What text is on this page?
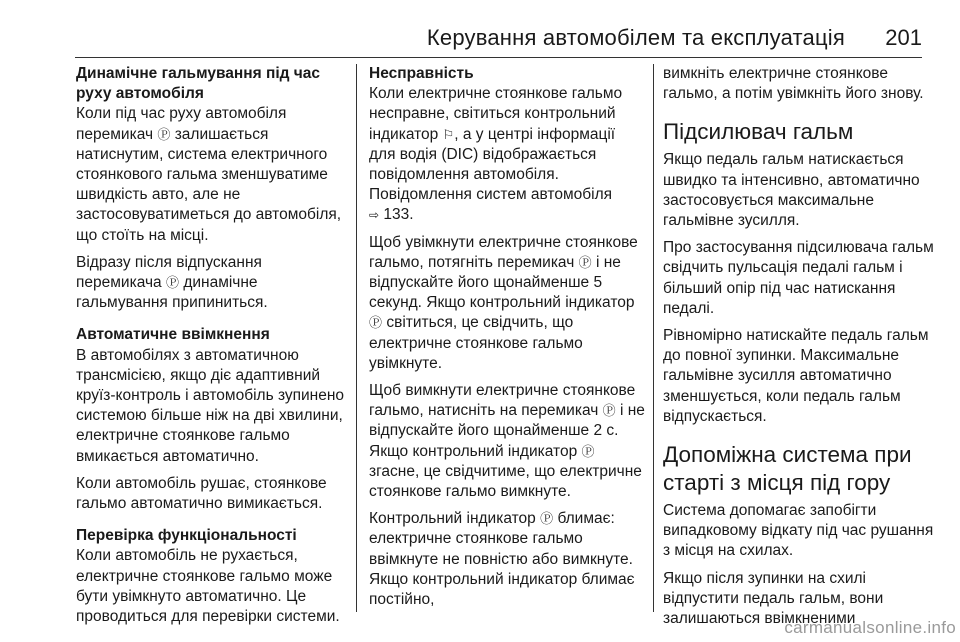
Керування автомобілем та експлуатація 201

Динамічне гальмування під час руху автомобіля

Коли під час руху автомобіля перемикач Ⓟ залишається натиснутим, система електричного стоянкового гальма зменшуватиме швидкість авто, але не застосовуватиметься до автомобіля, що стоїть на місці.

Відразу після відпускання перемикача Ⓟ динамічне гальмування припиниться.

Автоматичне ввімкнення

В автомобілях з автоматичною трансмісією, якщо діє адаптивний круїз-контроль і автомобіль зупинено системою більше ніж на дві хвилини, електричне стоянкове гальмо вмикається автоматично.

Коли автомобіль рушає, стоянкове гальмо автоматично вимикається.

Перевірка функціональності

Коли автомобіль не рухається, електричне стоянкове гальмо може бути увімкнуто автоматично. Це проводиться для перевірки системи.

Несправність

Коли електричне стоянкове гальмо несправне, світиться контрольний індикатор ⚐, а у центрі інформації для водія (DIC) відображається повідомлення автомобіля.
Повідомлення систем автомобіля
⇨ 133.

Щоб увімкнути електричне стоянкове гальмо, потягніть перемикач Ⓟ і не відпускайте його щонайменше 5 секунд. Якщо контрольний індикатор Ⓟ світиться, це свідчить, що електричне стоянкове гальмо увімкнуте.

Щоб вимкнути електричне стоянкове гальмо, натисніть на перемикач Ⓟ і не відпускайте його щонайменше 2 с. Якщо контрольний індикатор Ⓟ згасне, це свідчитиме, що електричне стоянкове гальмо вимкнуте.

Контрольний індикатор Ⓟ блимає: електричне стоянкове гальмо ввімкнуте не повністю або вимкнуте. Якщо контрольний індикатор блимає постійно,

вимкніть електричне стоянкове гальмо, а потім увімкніть його знову.

Підсилювач гальм

Якщо педаль гальм натискається швидко та інтенсивно, автоматично застосовується максимальне гальмівне зусилля.

Про застосування підсилювача гальм свідчить пульсація педалі гальм і більший опір під час натискання педалі.

Рівномірно натискайте педаль гальм до повної зупинки. Максимальне гальмівне зусилля автоматично зменшується, коли педаль гальм відпускається.

Допоміжна система при старті з місця під гору

Система допомагає запобігти випадковому відкату під час рушання з місця на схилах.

Якщо після зупинки на схилі відпустити педаль гальм, вони залишаються ввімкненими

carmanualsonline.info
